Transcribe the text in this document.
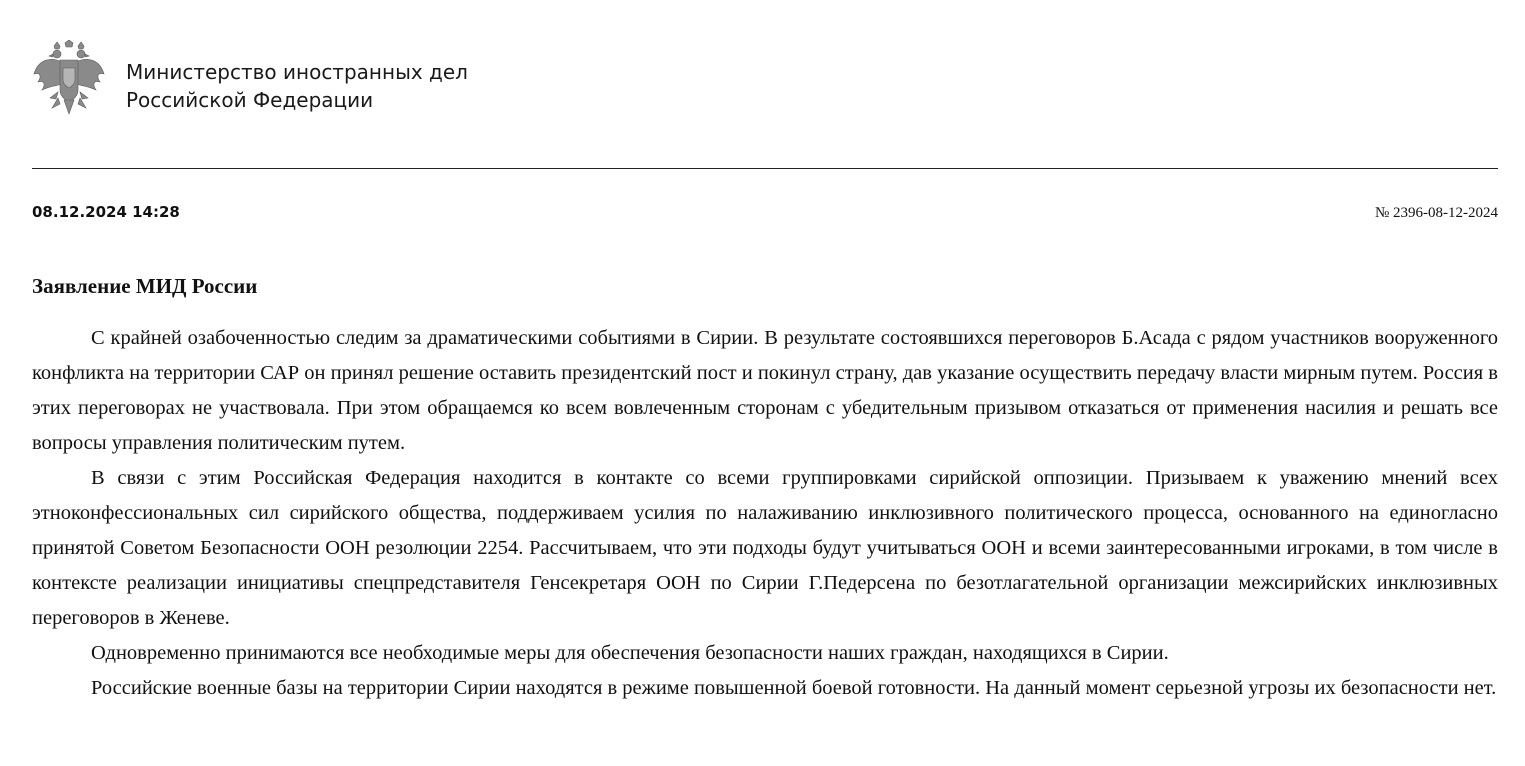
Министерство иностранных дел
Российской Федерации
08.12.2024 14:28	№ 2396-08-12-2024
Заявление МИД России

С крайней озабоченностью следим за драматическими событиями в Сирии. В результате состоявшихся переговоров Б.Асада с рядом участников вооруженного конфликта на территории САР он принял решение оставить президентский пост и покинул страну, дав указание осуществить передачу власти мирным путем. Россия в этих переговорах не участвовала. При этом обращаемся ко всем вовлеченным сторонам с убедительным призывом отказаться от применения насилия и решать все вопросы управления политическим путем.

В связи с этим Российская Федерация находится в контакте со всеми группировками сирийской оппозиции. Призываем к уважению мнений всех этноконфессиональных сил сирийского общества, поддерживаем усилия по налаживанию инклюзивного политического процесса, основанного на единогласно принятой Советом Безопасности ООН резолюции 2254. Рассчитываем, что эти подходы будут учитываться ООН и всеми заинтересованными игроками, в том числе в контексте реализации инициативы спецпредставителя Генсекретаря ООН по Сирии Г.Педерсена по безотлагательной организации межсирийских инклюзивных переговоров в Женеве.

Одновременно принимаются все необходимые меры для обеспечения безопасности наших граждан, находящихся в Сирии.

Российские военные базы на территории Сирии находятся в режиме повышенной боевой готовности. На данный момент серьезной угрозы их безопасности нет.
